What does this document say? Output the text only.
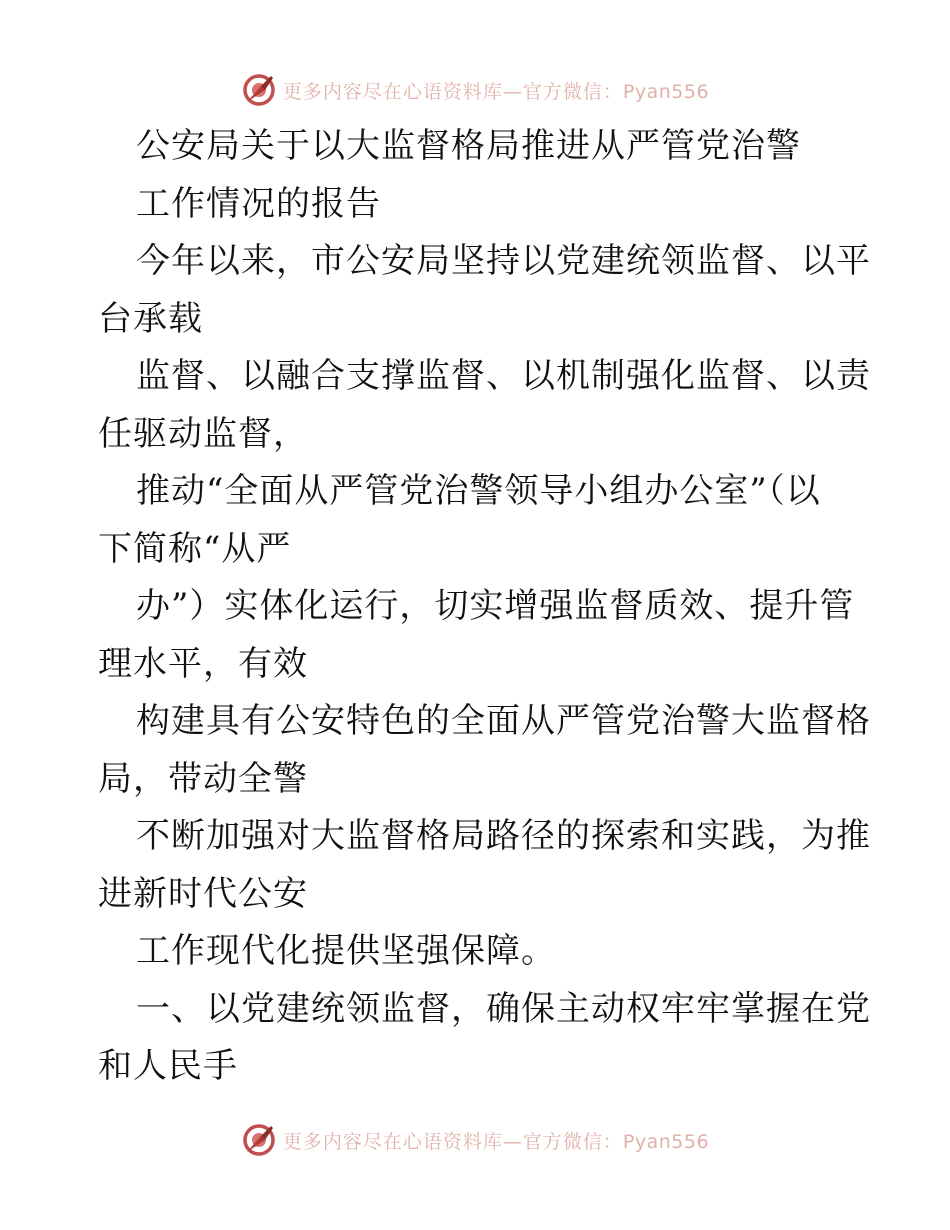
更多内容尽在心语资料库—官方微信：Pyan556
公安局关于以大监督格局推进从严管党治警
工作情况的报告
今年以来，市公安局坚持以党建统领监督、以平
台承载
监督、以融合支撑监督、以机制强化监督、以责
任驱动监督，
推动“全面从严管党治警领导小组办公室”（以
下简称“从严
办”）实体化运行，切实增强监督质效、提升管
理水平，有效
构建具有公安特色的全面从严管党治警大监督格
局，带动全警
不断加强对大监督格局路径的探索和实践，为推
进新时代公安
工作现代化提供坚强保障。
一、以党建统领监督，确保主动权牢牢掌握在党
和人民手
更多内容尽在心语资料库—官方微信：Pyan556
